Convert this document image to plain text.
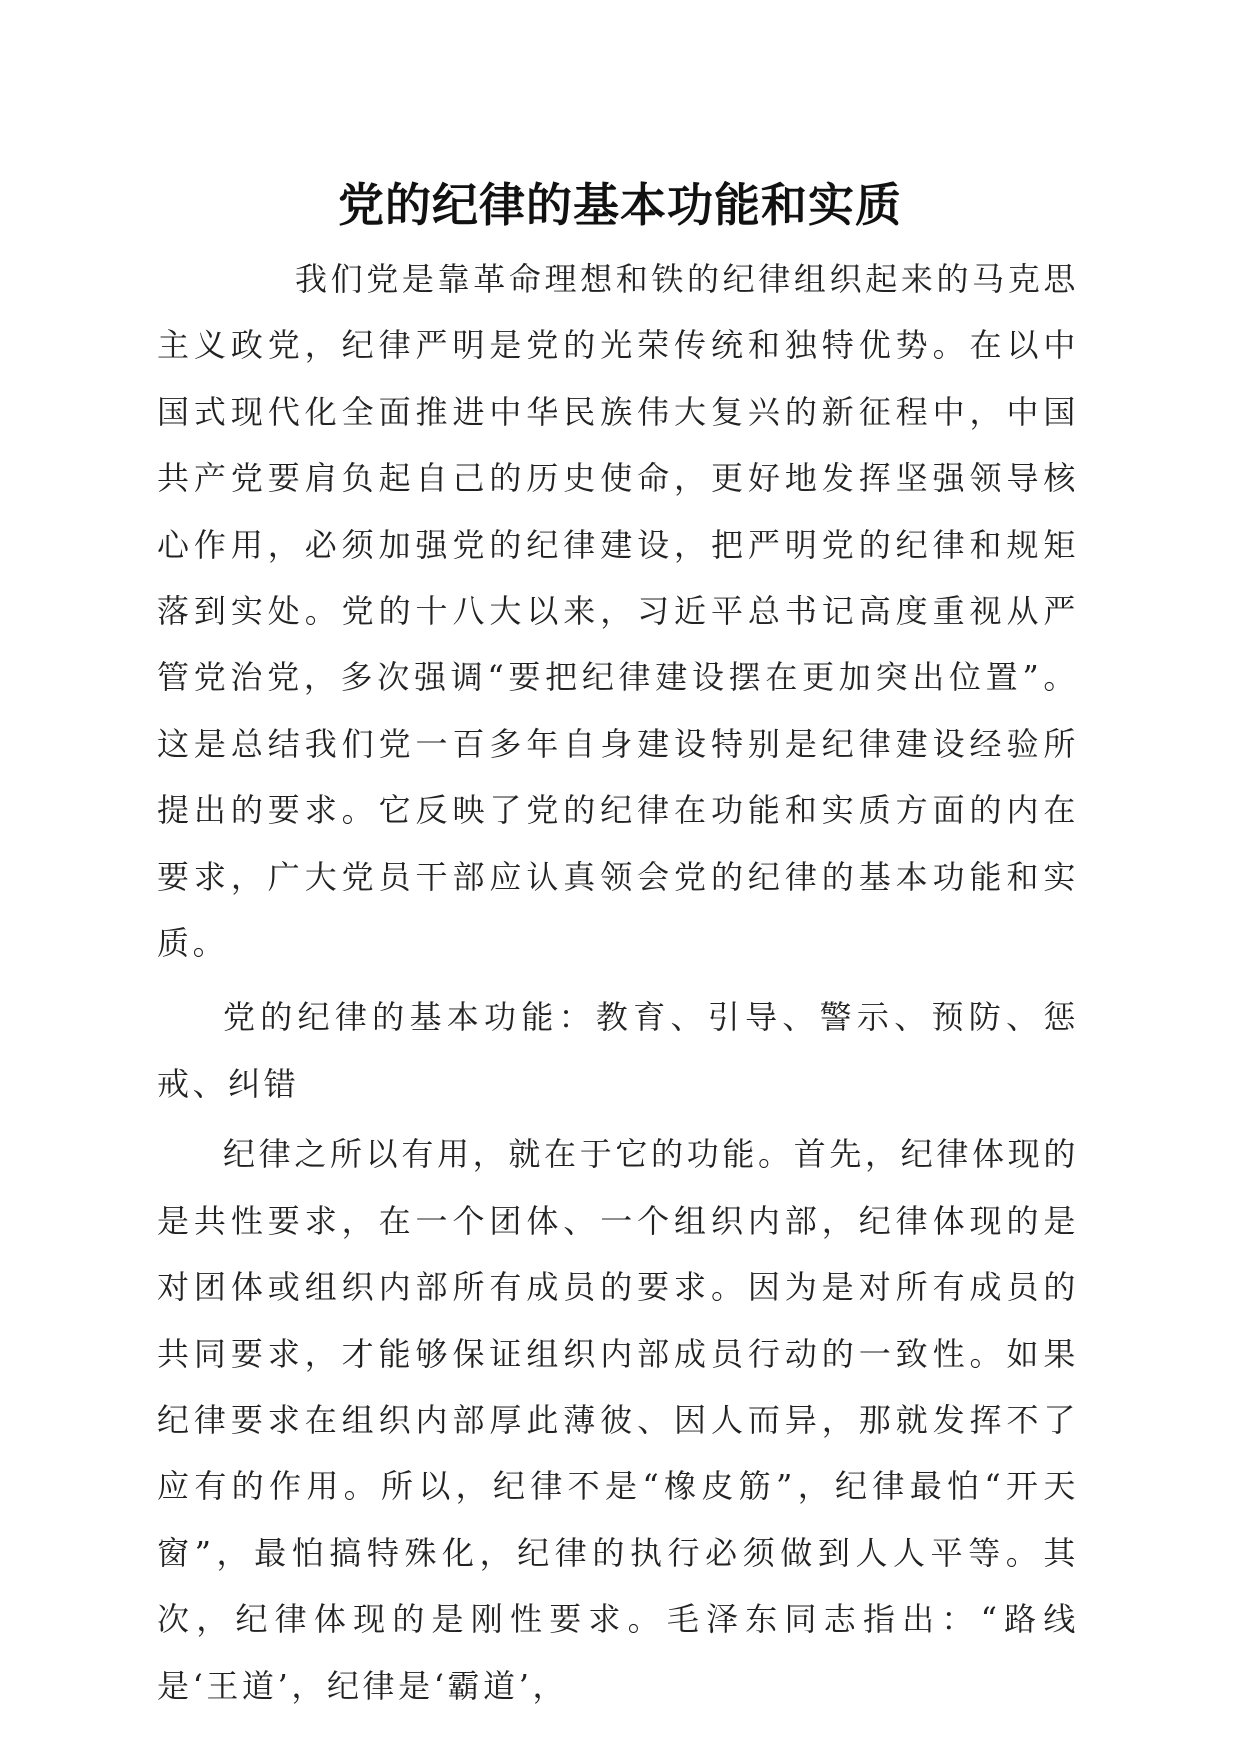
党的纪律的基本功能和实质

我们党是靠革命理想和铁的纪律组织起来的马克思主义政党，纪律严明是党的光荣传统和独特优势。在以中国式现代化全面推进中华民族伟大复兴的新征程中，中国共产党要肩负起自己的历史使命，更好地发挥坚强领导核心作用，必须加强党的纪律建设，把严明党的纪律和规矩落到实处。党的十八大以来，习近平总书记高度重视从严管党治党，多次强调“要把纪律建设摆在更加突出位置”。这是总结我们党一百多年自身建设特别是纪律建设经验所提出的要求。它反映了党的纪律在功能和实质方面的内在要求，广大党员干部应认真领会党的纪律的基本功能和实质。

党的纪律的基本功能：教育、引导、警示、预防、惩戒、纠错

纪律之所以有用，就在于它的功能。首先，纪律体现的是共性要求，在一个团体、一个组织内部，纪律体现的是对团体或组织内部所有成员的要求。因为是对所有成员的共同要求，才能够保证组织内部成员行动的一致性。如果纪律要求在组织内部厚此薄彼、因人而异，那就发挥不了应有的作用。所以，纪律不是“橡皮筋”，纪律最怕“开天窗”，最怕搞特殊化，纪律的执行必须做到人人平等。其次，纪律体现的是刚性要求。毛泽东同志指出：“路线是‘王道’，纪律是‘霸道’，
